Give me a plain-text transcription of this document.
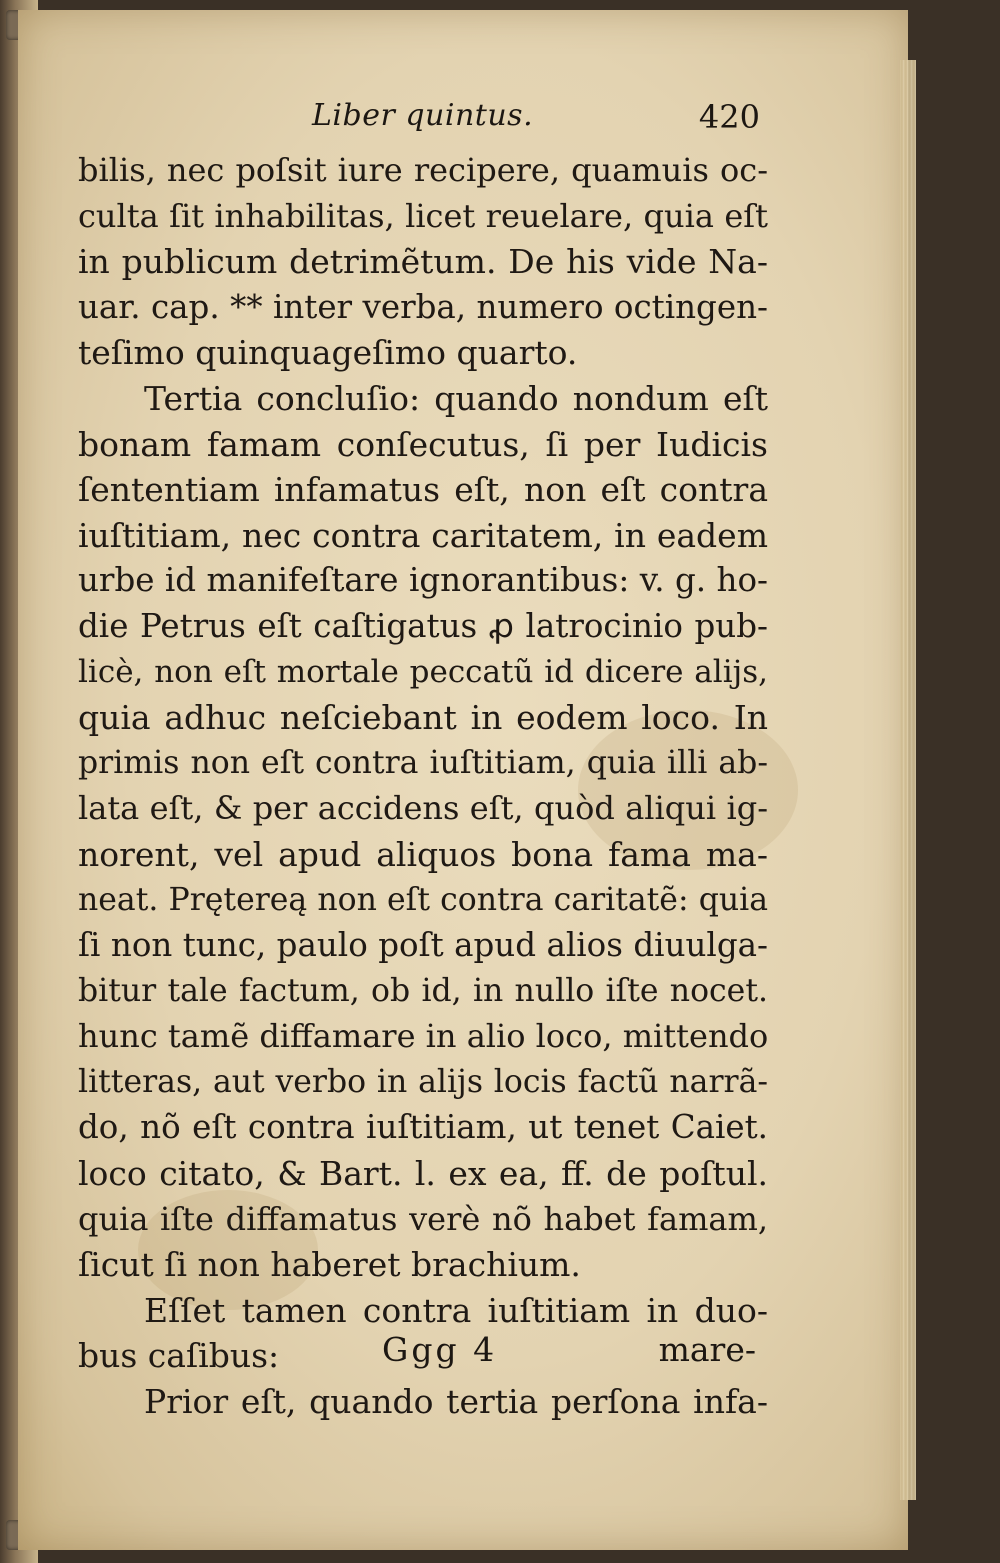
Liber quintus.	420
bilis, nec poſsit iure recipere, quamuis oc-
culta ſit inhabilitas, licet reuelare, quia eſt
in publicum detrimẽtum. De his vide Na-
uar. cap. ** inter verba, numero octingen-
teſimo quinquageſimo quarto.
Tertia concluſio: quando nondum eſt
bonam famam conſecutus, ſi per Iudicis
ſententiam infamatus eſt, non eſt contra
iuſtitiam, nec contra caritatem, in eadem
urbe id manifeſtare ignorantibus: v. g. ho-
die Petrus eſt caſtigatus ꝓ latrocinio pub-
licè, non eſt mortale peccatũ id dicere alijs,
quia adhuc neſciebant in eodem loco. In
primis non eſt contra iuſtitiam, quia illi ab-
lata eſt, & per accidens eſt, quòd aliqui ig-
norent, vel apud aliquos bona fama ma-
neat. Prętereą non eſt contra caritatẽ: quia
ſi non tunc, paulo poſt apud alios diuulga-
bitur tale factum, ob id, in nullo iſte nocet.
hunc tamẽ diffamare in alio loco, mittendo
litteras, aut verbo in alijs locis factũ narrã-
do, nõ eſt contra iuſtitiam, ut tenet Caiet.
loco citato, & Bart. l. ex ea, ff. de poſtul.
quia iſte diffamatus verè nõ habet famam,
ſicut ſi non haberet brachium.
Eſſet tamen contra iuſtitiam in duo-
bus caſibus:
Prior eſt, quando tertia perſona infa-
Ggg 4	mare-
